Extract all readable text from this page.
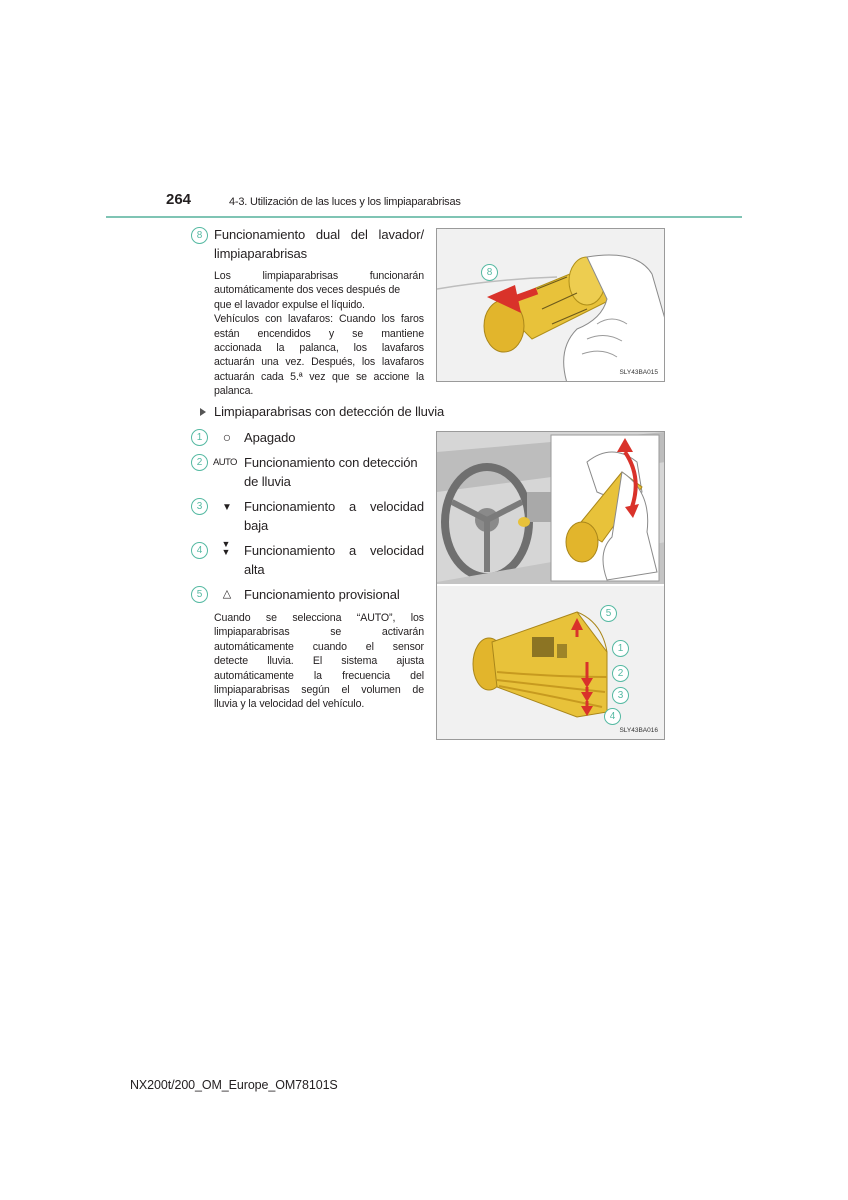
264	4-3. Utilización de las luces y los limpiaparabrisas
8 Funcionamiento dual del lavador/
limpiaparabrisas
Los limpiaparabrisas funcionarán
automáticamente dos veces después de
que el lavador expulse el líquido.
Vehículos con lavafaros: Cuando los faros
están encendidos y se mantiene
accionada la palanca, los lavafaros
actuarán una vez. Después, los lavafaros
actuarán cada 5.ª vez que se accione la
palanca.
8
SLY43BA015
Limpiaparabrisas con detección de lluvia
1	○ Apagado
2	AUTO Funcionamiento con detección
de lluvia
3	▼ Funcionamiento a velocidad
baja
4
▼▼ Funcionamiento a velocidad
alta
5	△ Funcionamiento provisional
Cuando se selecciona “AUTO”, los
limpiaparabrisas se activarán
automáticamente cuando el sensor
detecte lluvia. El sistema ajusta
automáticamente la frecuencia del
limpiaparabrisas según el volumen de
lluvia y la velocidad del vehículo.
5
1
2
3
4
SLY43BA016
NX200t/200_OM_Europe_OM78101S
